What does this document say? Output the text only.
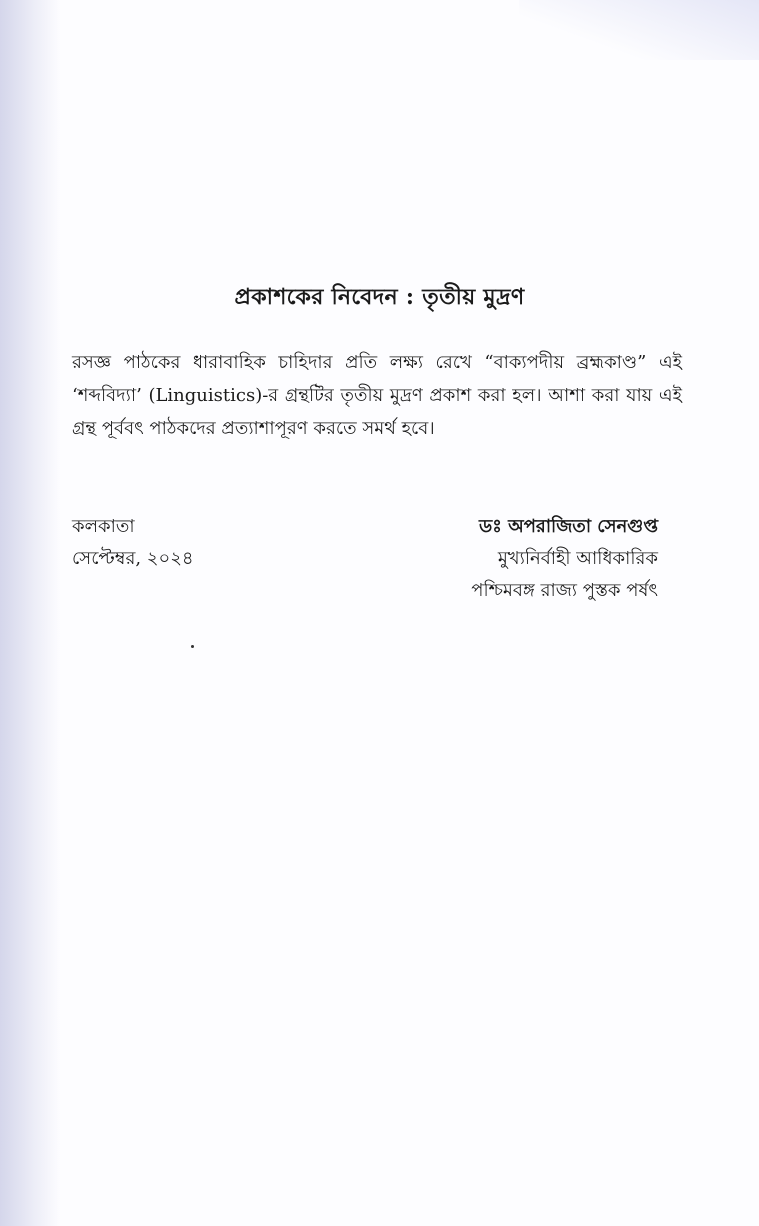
প্রকাশকের নিবেদন : তৃতীয় মুদ্রণ
রসজ্ঞ পাঠকের ধারাবাহিক চাহিদার প্রতি লক্ষ্য রেখে “বাক্যপদীয় ব্রহ্মকাণ্ড” এই ‘শব্দবিদ্যা’ (Linguistics)-র গ্রন্থটির তৃতীয় মুদ্রণ প্রকাশ করা হল। আশা করা যায় এই গ্রন্থ পূর্ববৎ পাঠকদের প্রত্যাশাপূরণ করতে সমর্থ হবে।
কলকাতা
সেপ্টেম্বর, ২০২৪
ডঃ অপরাজিতা সেনগুপ্ত
মুখ্যনির্বাহী আধিকারিক
পশ্চিমবঙ্গ রাজ্য পুস্তক পর্ষৎ
